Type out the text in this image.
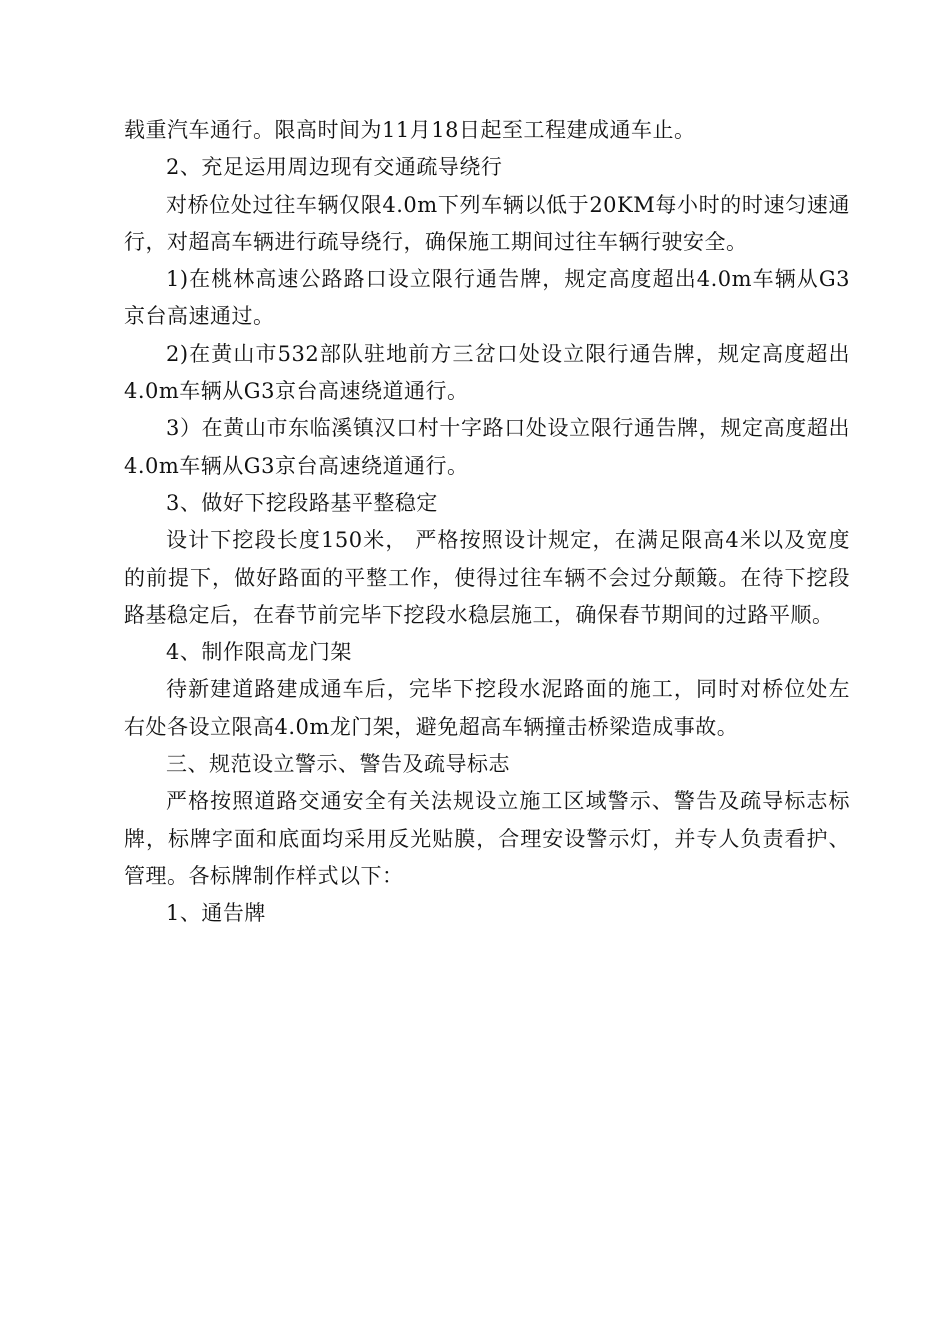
载重汽车通行。限高时间为11月18日起至工程建成通车止。

2、充足运用周边现有交通疏导绕行

对桥位处过往车辆仅限4.0m下列车辆以低于20KM每小时的时速匀速通行，对超高车辆进行疏导绕行，确保施工期间过往车辆行驶安全。

1)在桃林高速公路路口设立限行通告牌，规定高度超出4.0m车辆从G3京台高速通过。

2)在黄山市532部队驻地前方三岔口处设立限行通告牌，规定高度超出4.0m车辆从G3京台高速绕道通行。

3）在黄山市东临溪镇汉口村十字路口处设立限行通告牌，规定高度超出4.0m车辆从G3京台高速绕道通行。

3、做好下挖段路基平整稳定

设计下挖段长度150米， 严格按照设计规定，在满足限高4米以及宽度的前提下，做好路面的平整工作，使得过往车辆不会过分颠簸。在待下挖段路基稳定后，在春节前完毕下挖段水稳层施工，确保春节期间的过路平顺。

4、制作限高龙门架

待新建道路建成通车后，完毕下挖段水泥路面的施工，同时对桥位处左右处各设立限高4.0m龙门架，避免超高车辆撞击桥梁造成事故。

三、规范设立警示、警告及疏导标志

严格按照道路交通安全有关法规设立施工区域警示、警告及疏导标志标牌，标牌字面和底面均采用反光贴膜，合理安设警示灯，并专人负责看护、管理。各标牌制作样式以下：

1、通告牌
